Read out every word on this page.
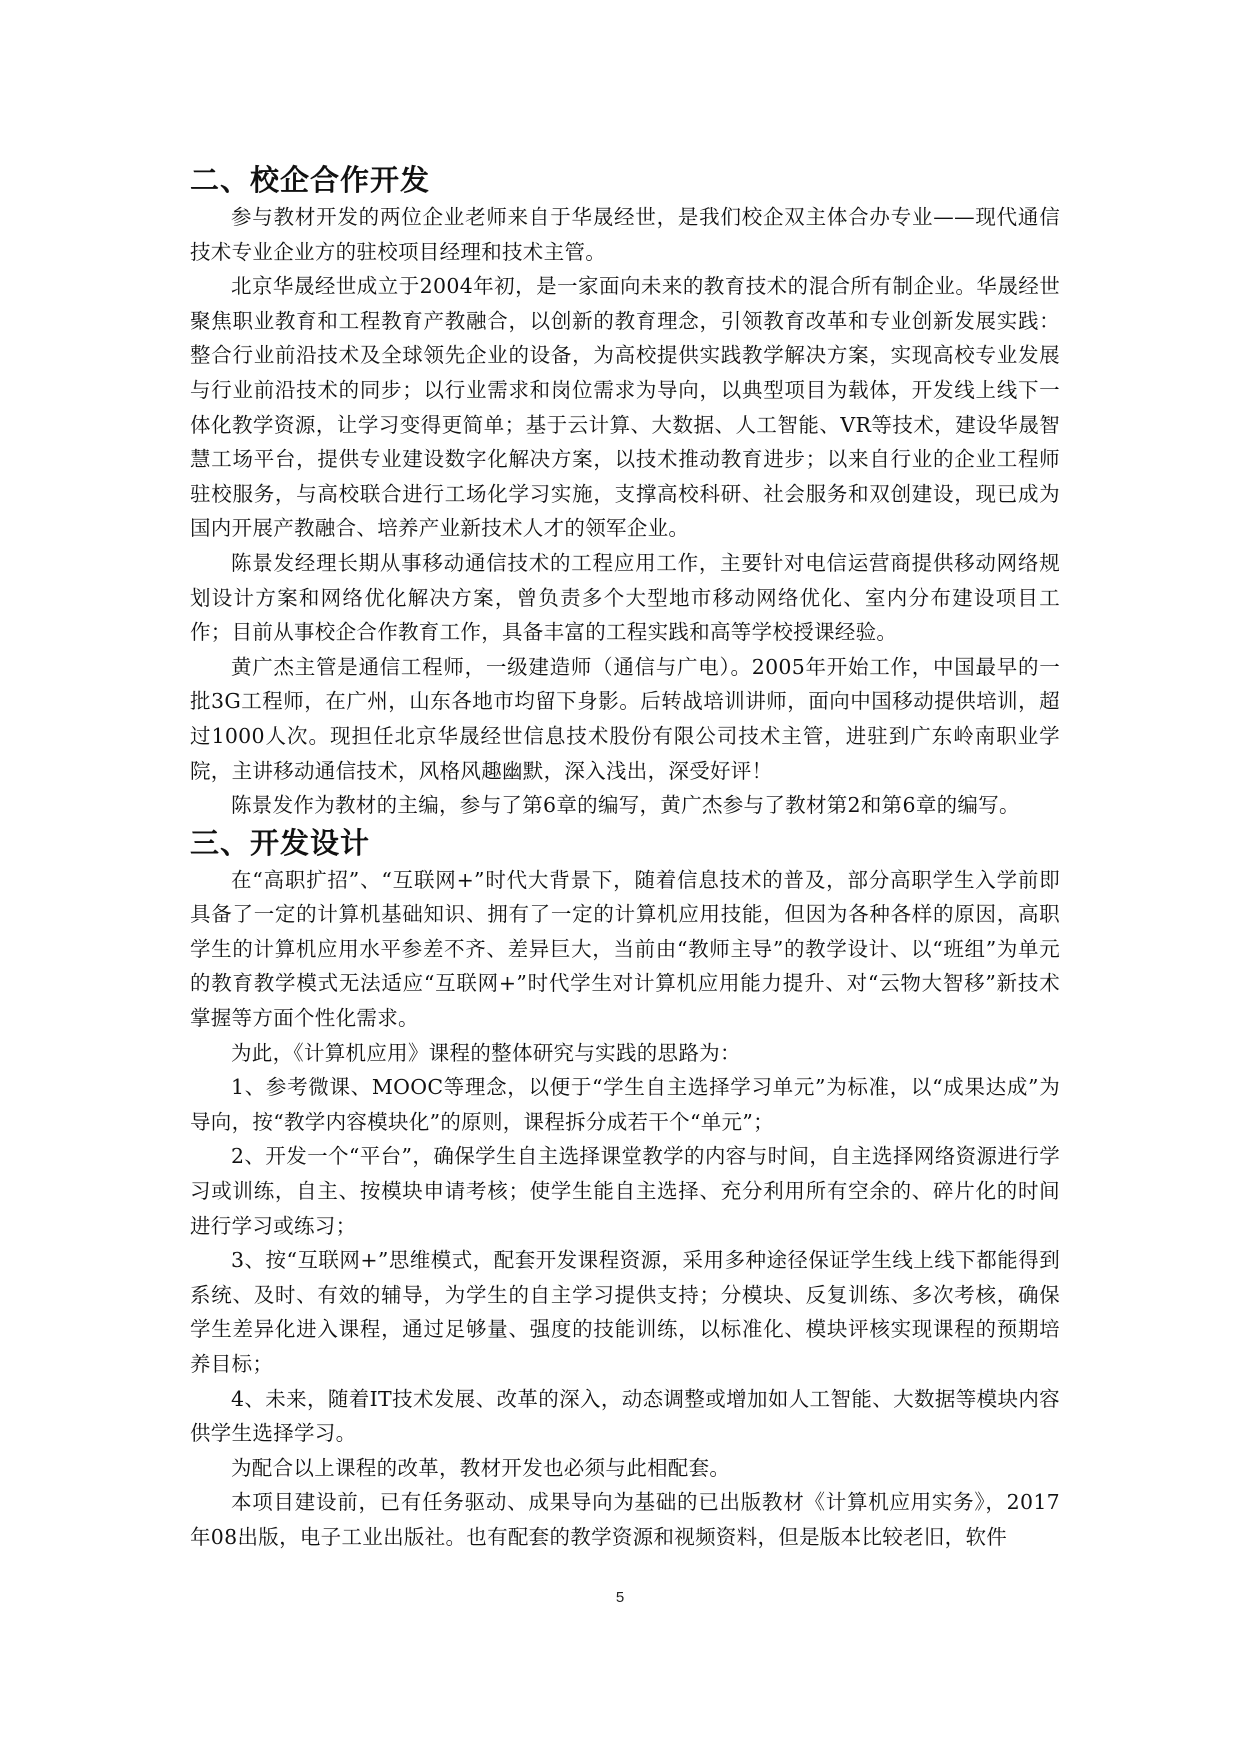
二、校企合作开发

参与教材开发的两位企业老师来自于华晟经世，是我们校企双主体合办专业——现代通信技术专业企业方的驻校项目经理和技术主管。

北京华晟经世成立于2004年初，是一家面向未来的教育技术的混合所有制企业。华晟经世聚焦职业教育和工程教育产教融合，以创新的教育理念，引领教育改革和专业创新发展实践：整合行业前沿技术及全球领先企业的设备，为高校提供实践教学解决方案，实现高校专业发展与行业前沿技术的同步；以行业需求和岗位需求为导向，以典型项目为载体，开发线上线下一体化教学资源，让学习变得更简单；基于云计算、大数据、人工智能、VR等技术，建设华晟智慧工场平台，提供专业建设数字化解决方案，以技术推动教育进步；以来自行业的企业工程师驻校服务，与高校联合进行工场化学习实施，支撑高校科研、社会服务和双创建设，现已成为国内开展产教融合、培养产业新技术人才的领军企业。

陈景发经理长期从事移动通信技术的工程应用工作，主要针对电信运营商提供移动网络规划设计方案和网络优化解决方案，曾负责多个大型地市移动网络优化、室内分布建设项目工作；目前从事校企合作教育工作，具备丰富的工程实践和高等学校授课经验。

黄广杰主管是通信工程师，一级建造师（通信与广电）。2005年开始工作，中国最早的一批3G工程师，在广州，山东各地市均留下身影。后转战培训讲师，面向中国移动提供培训，超过1000人次。现担任北京华晟经世信息技术股份有限公司技术主管，进驻到广东岭南职业学院，主讲移动通信技术，风格风趣幽默，深入浅出，深受好评！

陈景发作为教材的主编，参与了第6章的编写，黄广杰参与了教材第2和第6章的编写。

三、开发设计

在“高职扩招”、“互联网+”时代大背景下，随着信息技术的普及，部分高职学生入学前即具备了一定的计算机基础知识、拥有了一定的计算机应用技能，但因为各种各样的原因，高职学生的计算机应用水平参差不齐、差异巨大，当前由“教师主导”的教学设计、以“班组”为单元的教育教学模式无法适应“互联网+”时代学生对计算机应用能力提升、对“云物大智移”新技术掌握等方面个性化需求。

为此，《计算机应用》课程的整体研究与实践的思路为：

1、参考微课、MOOC等理念，以便于“学生自主选择学习单元”为标准，以“成果达成”为导向，按“教学内容模块化”的原则，课程拆分成若干个“单元”；

2、开发一个“平台”，确保学生自主选择课堂教学的内容与时间，自主选择网络资源进行学习或训练，自主、按模块申请考核；使学生能自主选择、充分利用所有空余的、碎片化的时间进行学习或练习；

3、按“互联网+”思维模式，配套开发课程资源，采用多种途径保证学生线上线下都能得到系统、及时、有效的辅导，为学生的自主学习提供支持；分模块、反复训练、多次考核，确保学生差异化进入课程，通过足够量、强度的技能训练，以标准化、模块评核实现课程的预期培养目标；

4、未来，随着IT技术发展、改革的深入，动态调整或增加如人工智能、大数据等模块内容供学生选择学习。

为配合以上课程的改革，教材开发也必须与此相配套。

本项目建设前，已有任务驱动、成果导向为基础的已出版教材《计算机应用实务》，2017年08出版，电子工业出版社。也有配套的教学资源和视频资料，但是版本比较老旧，软件

5
